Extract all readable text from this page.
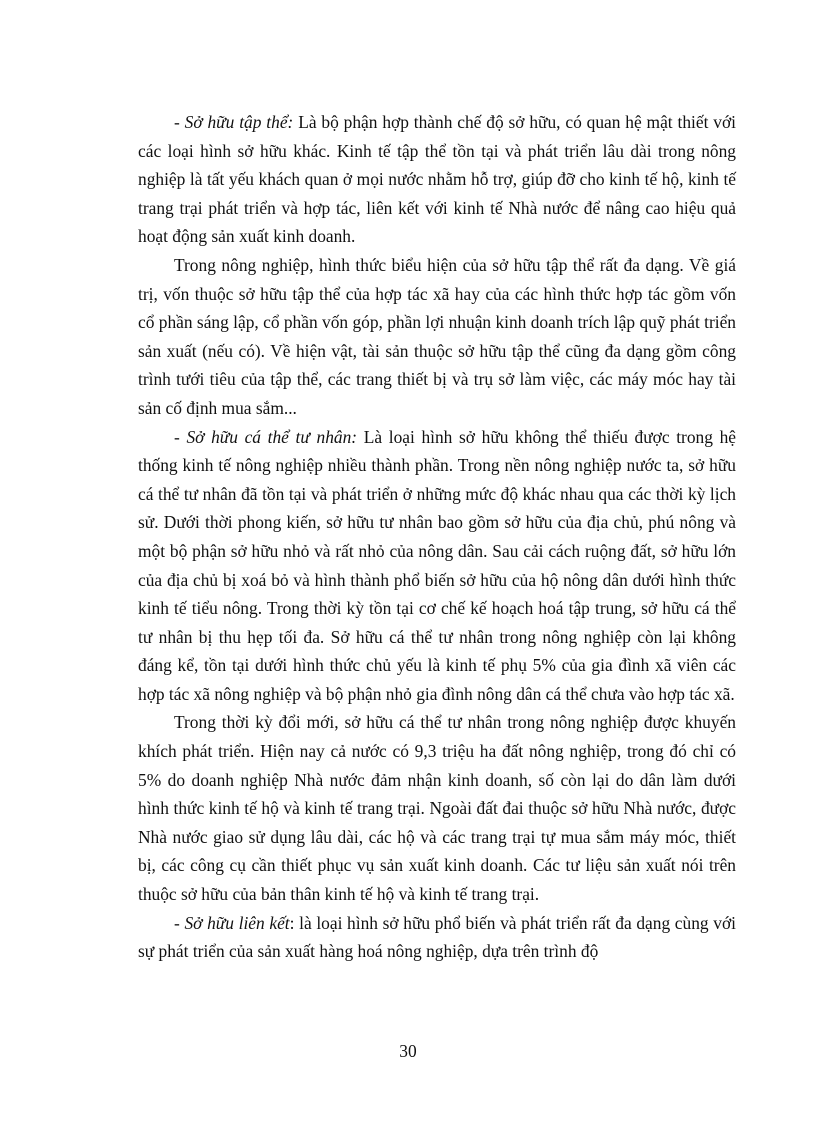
- Sở hữu tập thể: Là bộ phận hợp thành chế độ sở hữu, có quan hệ mật thiết với các loại hình sở hữu khác. Kinh tế tập thể tồn tại và phát triển lâu dài trong nông nghiệp là tất yếu khách quan ở mọi nước nhằm hỗ trợ, giúp đỡ cho kinh tế hộ, kinh tế trang trại phát triển và hợp tác, liên kết với kinh tế Nhà nước để nâng cao hiệu quả hoạt động sản xuất kinh doanh.

Trong nông nghiệp, hình thức biểu hiện của sở hữu tập thể rất đa dạng. Về giá trị, vốn thuộc sở hữu tập thể của hợp tác xã hay của các hình thức hợp tác gồm vốn cổ phần sáng lập, cổ phần vốn góp, phần lợi nhuận kinh doanh trích lập quỹ phát triển sản xuất (nếu có). Về hiện vật, tài sản thuộc sở hữu tập thể cũng đa dạng gồm công trình tưới tiêu của tập thể, các trang thiết bị và trụ sở làm việc, các máy móc hay tài sản cố định mua sắm...

- Sở hữu cá thể tư nhân: Là loại hình sở hữu không thể thiếu được trong hệ thống kinh tế nông nghiệp nhiều thành phần. Trong nền nông nghiệp nước ta, sở hữu cá thể tư nhân đã tồn tại và phát triển ở những mức độ khác nhau qua các thời kỳ lịch sử. Dưới thời phong kiến, sở hữu tư nhân bao gồm sở hữu của địa chủ, phú nông và một bộ phận sở hữu nhỏ và rất nhỏ của nông dân. Sau cải cách ruộng đất, sở hữu lớn của địa chủ bị xoá bỏ và hình thành phổ biến sở hữu của hộ nông dân dưới hình thức kinh tế tiểu nông. Trong thời kỳ tồn tại cơ chế kế hoạch hoá tập trung, sở hữu cá thể tư nhân bị thu hẹp tối đa. Sở hữu cá thể tư nhân trong nông nghiệp còn lại không đáng kể, tồn tại dưới hình thức chủ yếu là kinh tế phụ 5% của gia đình xã viên các hợp tác xã nông nghiệp và bộ phận nhỏ gia đình nông dân cá thể chưa vào hợp tác xã.

Trong thời kỳ đổi mới, sở hữu cá thể tư nhân trong nông nghiệp được khuyến khích phát triển. Hiện nay cả nước có 9,3 triệu ha đất nông nghiệp, trong đó chỉ có 5% do doanh nghiệp Nhà nước đảm nhận kinh doanh, số còn lại do dân làm dưới hình thức kinh tế hộ và kinh tế trang trại. Ngoài đất đai thuộc sở hữu Nhà nước, được Nhà nước giao sử dụng lâu dài, các hộ và các trang trại tự mua sắm máy móc, thiết bị, các công cụ cần thiết phục vụ sản xuất kinh doanh. Các tư liệu sản xuất nói trên thuộc sở hữu của bản thân kinh tế hộ và kinh tế trang trại.

- Sở hữu liên kết: là loại hình sở hữu phổ biến và phát triển rất đa dạng cùng với sự phát triển của sản xuất hàng hoá nông nghiệp, dựa trên trình độ

30
